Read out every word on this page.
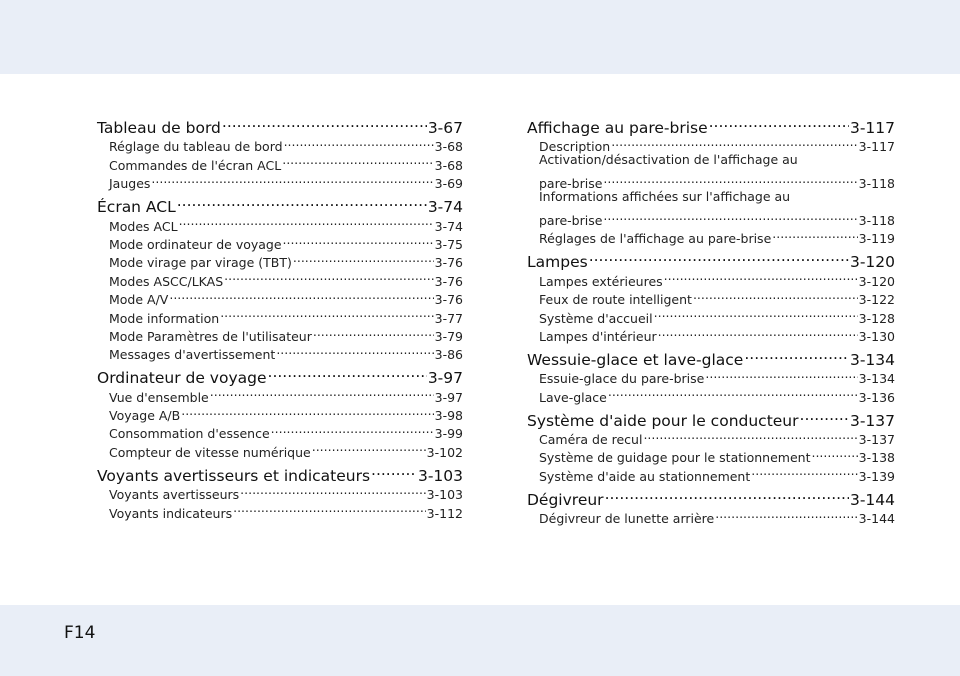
Tableau de bord .....	3-67
Réglage du tableau de bord .....	3-68
Commandes de l'écran ACL .....	3-68
Jauges .....	3-69
Écran ACL .....	3-74
Modes ACL .....	3-74
Mode ordinateur de voyage .....	3-75
Mode virage par virage (TBT) .....	3-76
Modes ASCC/LKAS .....	3-76
Mode A/V .....	3-76
Mode information .....	3-77
Mode Paramètres de l'utilisateur .....	3-79
Messages d'avertissement .....	3-86
Ordinateur de voyage .....	3-97
Vue d'ensemble .....	3-97
Voyage A/B .....	3-98
Consommation d'essence .....	3-99
Compteur de vitesse numérique .....	3-102
Voyants avertisseurs et indicateurs .....	3-103
Voyants avertisseurs .....	3-103
Voyants indicateurs .....	3-112
Affichage au pare-brise .....	3-117
Description .....	3-117
Activation/désactivation de l'affichage au
pare-brise .....	3-118
Informations affichées sur l'affichage au
pare-brise .....	3-118
Réglages de l'affichage au pare-brise .....	3-119
Lampes .....	3-120
Lampes extérieures .....	3-120
Feux de route intelligent .....	3-122
Système d'accueil .....	3-128
Lampes d'intérieur .....	3-130
Wessuie-glace et lave-glace .....	3-134
Essuie-glace du pare-brise .....	3-134
Lave-glace .....	3-136
Système d'aide pour le conducteur .....	3-137
Caméra de recul .....	3-137
Système de guidage pour le stationnement .....	3-138
Système d'aide au stationnement .....	3-139
Dégivreur .....	3-144
Dégivreur de lunette arrière .....	3-144
F14
